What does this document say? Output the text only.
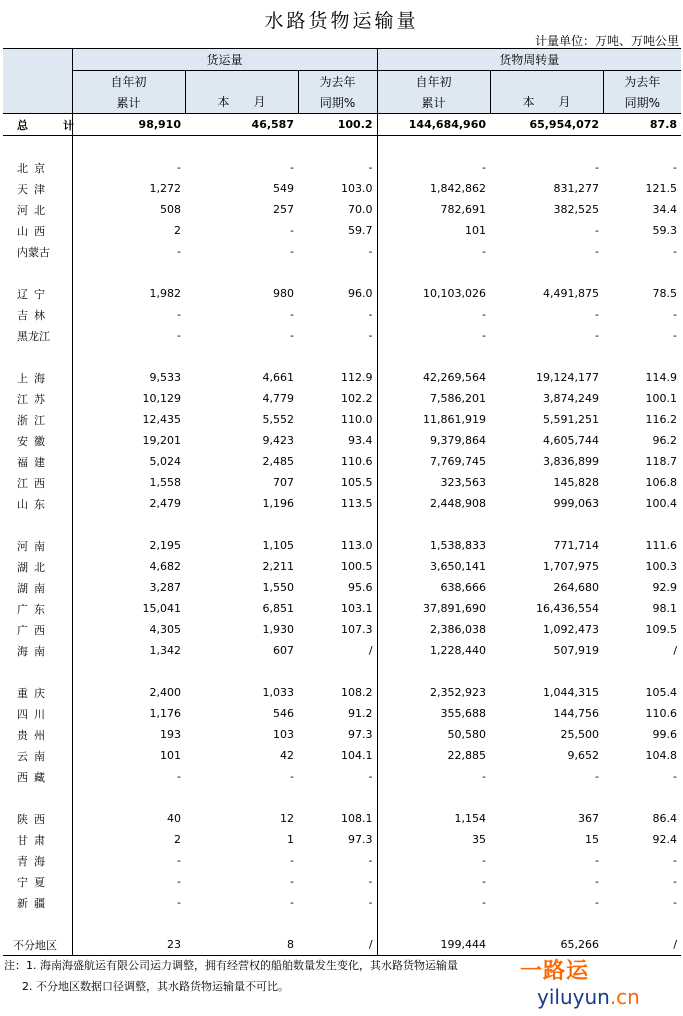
水路货物运输量
计量单位：万吨、万吨公里
	货运量			货物周转量		
	自年初	本　　月	为去年	自年初	本　　月	为去年
	累计		同期%	累计		同期%
总　计	98,910	46,587	100.2	144,684,960	65,954,072	87.8

北京	-	-	-	-	-	-
天津	1,272	549	103.0	1,842,862	831,277	121.5
河北	508	257	70.0	782,691	382,525	34.4
山西	2	-	59.7	101	-	59.3
内蒙古	-	-	-	-	-	-

辽宁	1,982	980	96.0	10,103,026	4,491,875	78.5
吉林	-	-	-	-	-	-
黑龙江	-	-	-	-	-	-

上海	9,533	4,661	112.9	42,269,564	19,124,177	114.9
江苏	10,129	4,779	102.2	7,586,201	3,874,249	100.1
浙江	12,435	5,552	110.0	11,861,919	5,591,251	116.2
安徽	19,201	9,423	93.4	9,379,864	4,605,744	96.2
福建	5,024	2,485	110.6	7,769,745	3,836,899	118.7
江西	1,558	707	105.5	323,563	145,828	106.8
山东	2,479	1,196	113.5	2,448,908	999,063	100.4

河南	2,195	1,105	113.0	1,538,833	771,714	111.6
湖北	4,682	2,211	100.5	3,650,141	1,707,975	100.3
湖南	3,287	1,550	95.6	638,666	264,680	92.9
广东	15,041	6,851	103.1	37,891,690	16,436,554	98.1
广西	4,305	1,930	107.3	2,386,038	1,092,473	109.5
海南	1,342	607	/	1,228,440	507,919	/

重庆	2,400	1,033	108.2	2,352,923	1,044,315	105.4
四川	1,176	546	91.2	355,688	144,756	110.6
贵州	193	103	97.3	50,580	25,500	99.6
云南	101	42	104.1	22,885	9,652	104.8
西藏	-	-	-	-	-	-

陕西	40	12	108.1	1,154	367	86.4
甘肃	2	1	97.3	35	15	92.4
青海	-	-	-	-	-	-
宁夏	-	-	-	-	-	-
新疆	-	-	-	-	-	-

不分地区	23	8	/	199,444	65,266	/
注：1. 海南海盛航运有限公司运力调整，拥有经营权的船舶数量发生变化，其水路货物运输量
2. 不分地区数据口径调整，其水路货物运输量不可比。
一路运
yiluyun.cn
